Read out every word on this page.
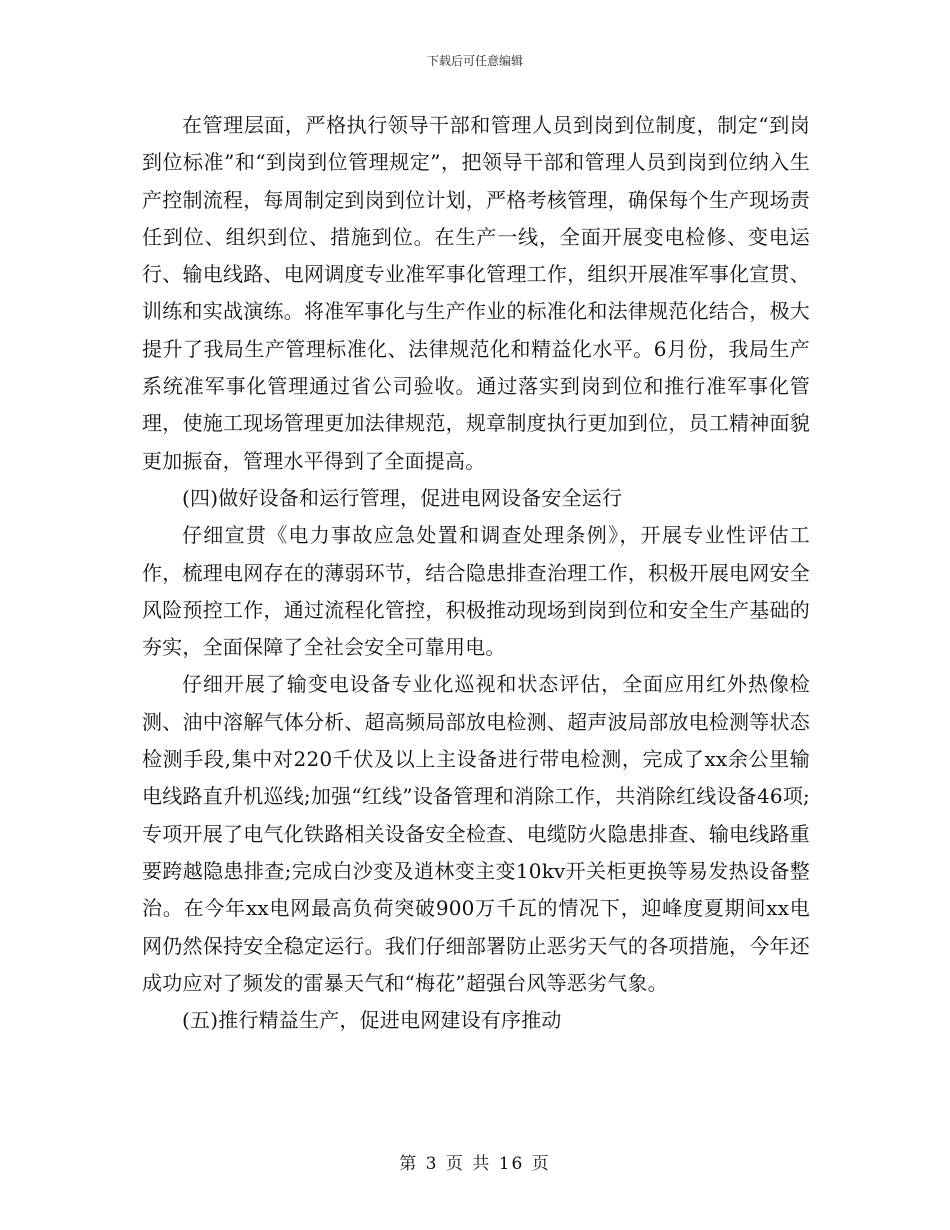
下载后可任意编辑

在管理层面，严格执行领导干部和管理人员到岗到位制度，制定“到岗到位标准”和“到岗到位管理规定”，把领导干部和管理人员到岗到位纳入生产控制流程，每周制定到岗到位计划，严格考核管理，确保每个生产现场责任到位、组织到位、措施到位。在生产一线，全面开展变电检修、变电运行、输电线路、电网调度专业准军事化管理工作，组织开展准军事化宣贯、训练和实战演练。将准军事化与生产作业的标准化和法律规范化结合，极大提升了我局生产管理标准化、法律规范化和精益化水平。6月份，我局生产系统准军事化管理通过省公司验收。通过落实到岗到位和推行准军事化管理，使施工现场管理更加法律规范，规章制度执行更加到位，员工精神面貌更加振奋，管理水平得到了全面提高。

(四)做好设备和运行管理，促进电网设备安全运行

仔细宣贯《电力事故应急处置和调查处理条例》，开展专业性评估工作，梳理电网存在的薄弱环节，结合隐患排查治理工作，积极开展电网安全风险预控工作，通过流程化管控，积极推动现场到岗到位和安全生产基础的夯实，全面保障了全社会安全可靠用电。

仔细开展了输变电设备专业化巡视和状态评估，全面应用红外热像检测、油中溶解气体分析、超高频局部放电检测、超声波局部放电检测等状态检测手段,集中对220千伏及以上主设备进行带电检测，完成了xx余公里输电线路直升机巡线;加强“红线”设备管理和消除工作，共消除红线设备46项;专项开展了电气化铁路相关设备安全检查、电缆防火隐患排查、输电线路重要跨越隐患排查;完成白沙变及逍林变主变10kv开关柜更换等易发热设备整治。在今年xx电网最高负荷突破900万千瓦的情况下，迎峰度夏期间xx电网仍然保持安全稳定运行。我们仔细部署防止恶劣天气的各项措施，今年还成功应对了频发的雷暴天气和“梅花”超强台风等恶劣气象。

(五)推行精益生产，促进电网建设有序推动

第 3 页 共 16 页
